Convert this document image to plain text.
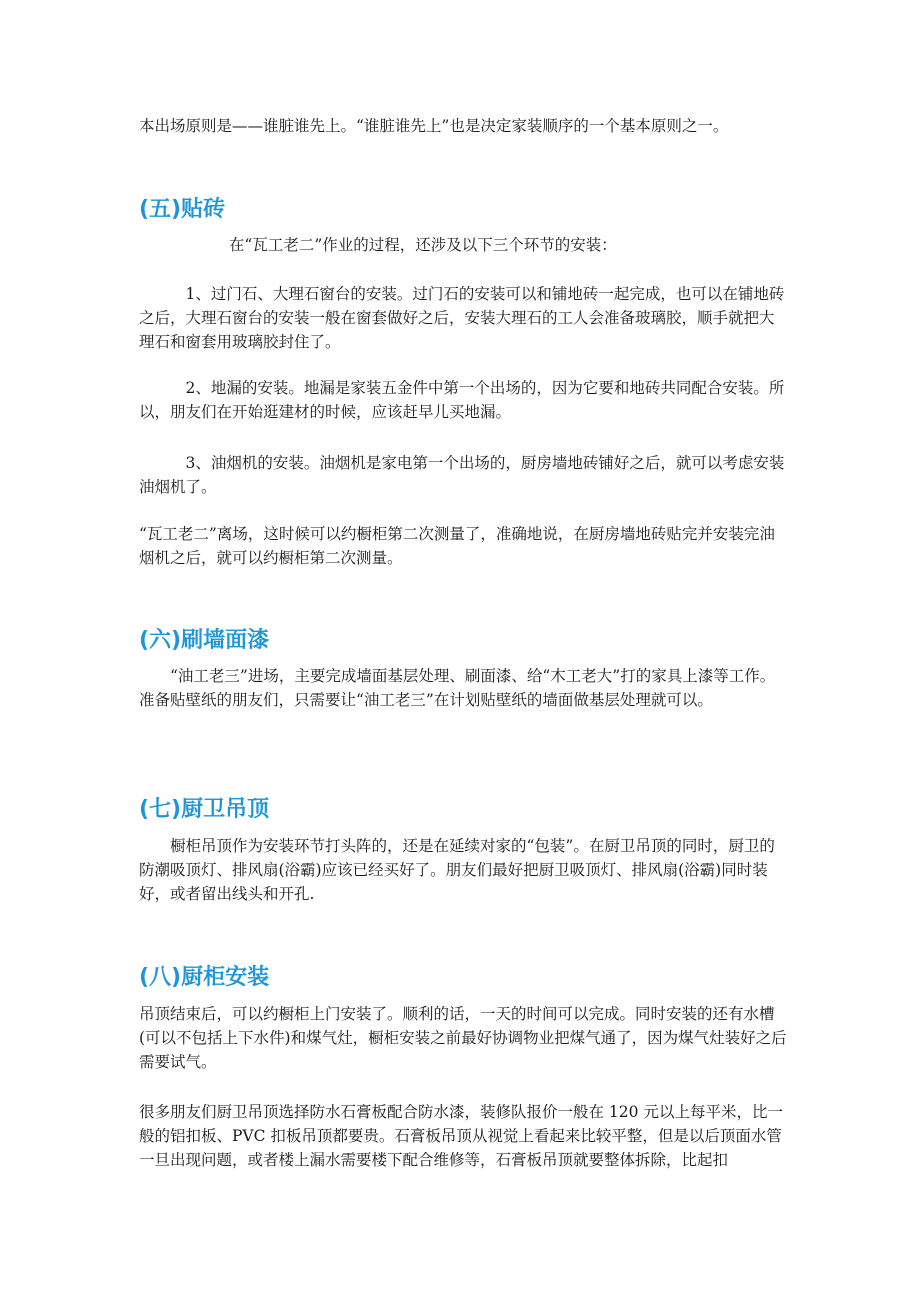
本出场原则是——谁脏谁先上。“谁脏谁先上”也是决定家装顺序的一个基本原则之一。

(五)贴砖

在“瓦工老二”作业的过程，还涉及以下三个环节的安装：

1、过门石、大理石窗台的安装。过门石的安装可以和铺地砖一起完成，也可以在铺地砖之后，大理石窗台的安装一般在窗套做好之后，安装大理石的工人会准备玻璃胶，顺手就把大理石和窗套用玻璃胶封住了。

2、地漏的安装。地漏是家装五金件中第一个出场的，因为它要和地砖共同配合安装。所以，朋友们在开始逛建材的时候，应该赶早儿买地漏。

3、油烟机的安装。油烟机是家电第一个出场的，厨房墙地砖铺好之后，就可以考虑安装油烟机了。

“瓦工老二”离场，这时候可以约橱柜第二次测量了，准确地说，在厨房墙地砖贴完并安装完油烟机之后，就可以约橱柜第二次测量。

(六)刷墙面漆

“油工老三”进场，主要完成墙面基层处理、刷面漆、给“木工老大”打的家具上漆等工作。准备贴壁纸的朋友们，只需要让“油工老三”在计划贴壁纸的墙面做基层处理就可以。

(七)厨卫吊顶

橱柜吊顶作为安装环节打头阵的，还是在延续对家的“包装”。在厨卫吊顶的同时，厨卫的防潮吸顶灯、排风扇(浴霸)应该已经买好了。朋友们最好把厨卫吸顶灯、排风扇(浴霸)同时装好，或者留出线头和开孔.

(八)厨柜安装

吊顶结束后，可以约橱柜上门安装了。顺利的话，一天的时间可以完成。同时安装的还有水槽(可以不包括上下水件)和煤气灶，橱柜安装之前最好协调物业把煤气通了，因为煤气灶装好之后需要试气。

很多朋友们厨卫吊顶选择防水石膏板配合防水漆，装修队报价一般在 120 元以上每平米，比一般的铝扣板、PVC 扣板吊顶都要贵。石膏板吊顶从视觉上看起来比较平整，但是以后顶面水管一旦出现问题，或者楼上漏水需要楼下配合维修等，石膏板吊顶就要整体拆除，比起扣
